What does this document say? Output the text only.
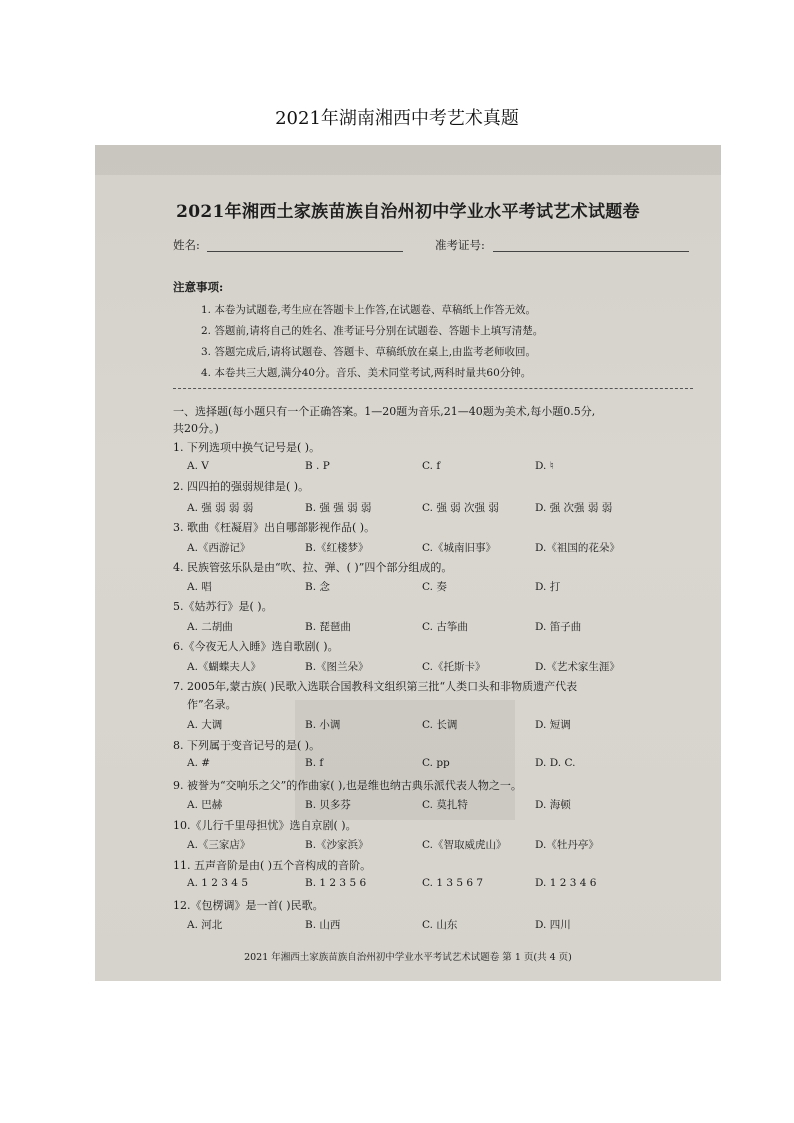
2021年湖南湘西中考艺术真题
2021年湘西土家族苗族自治州初中学业水平考试艺术试题卷
姓名:	准考证号:
注意事项:
1. 本卷为试题卷,考生应在答题卡上作答,在试题卷、草稿纸上作答无效。
2. 答题前,请将自己的姓名、准考证号分别在试题卷、答题卡上填写清楚。
3. 答题完成后,请将试题卷、答题卡、草稿纸放在桌上,由监考老师收回。
4. 本卷共三大题,满分40分。音乐、美术同堂考试,两科时量共60分钟。
一、选择题(每小题只有一个正确答案。1—20题为音乐,21—40题为美术,每小题0.5分,
共20分。)
1. 下列选项中换气记号是( )。
A. V	B . P	C. f	D. ♮
2. 四四拍的强弱规律是( )。
A. 强 弱 弱 弱	B. 强 强 弱 弱	C. 强 弱 次强 弱	D. 强 次强 弱 弱
3. 歌曲《枉凝眉》出自哪部影视作品( )。
A.《西游记》	B.《红楼梦》	C.《城南旧事》	D.《祖国的花朵》
4. 民族管弦乐队是由“吹、拉、弹、( )”四个部分组成的。
A. 唱	B. 念	C. 奏	D. 打
5.《姑苏行》是( )。
A. 二胡曲	B. 琵琶曲	C. 古筝曲	D. 笛子曲
6.《今夜无人入睡》选自歌剧( )。
A.《蝴蝶夫人》	B.《图兰朵》	C.《托斯卡》	D.《艺术家生涯》
7. 2005年,蒙古族( )民歌入选联合国教科文组织第三批“人类口头和非物质遗产代表
作”名录。
A. 大调	B. 小调	C. 长调	D. 短调
8. 下列属于变音记号的是( )。
A. #	B. f	C. pp	D. D. C.
9. 被誉为“交响乐之父”的作曲家( ),也是维也纳古典乐派代表人物之一。
A. 巴赫	B. 贝多芬	C. 莫扎特	D. 海顿
10.《儿行千里母担忧》选自京剧( )。
A.《三家店》	B.《沙家浜》	C.《智取威虎山》	D.《牡丹亭》
11. 五声音阶是由( )五个音构成的音阶。
A. 1 2 3 4 5	B. 1 2 3 5 6	C. 1 3 5 6 7	D. 1 2 3 4 6
12.《包楞调》是一首( )民歌。
A. 河北	B. 山西	C. 山东	D. 四川
2021 年湘西土家族苗族自治州初中学业水平考试艺术试题卷 第 1 页(共 4 页)
